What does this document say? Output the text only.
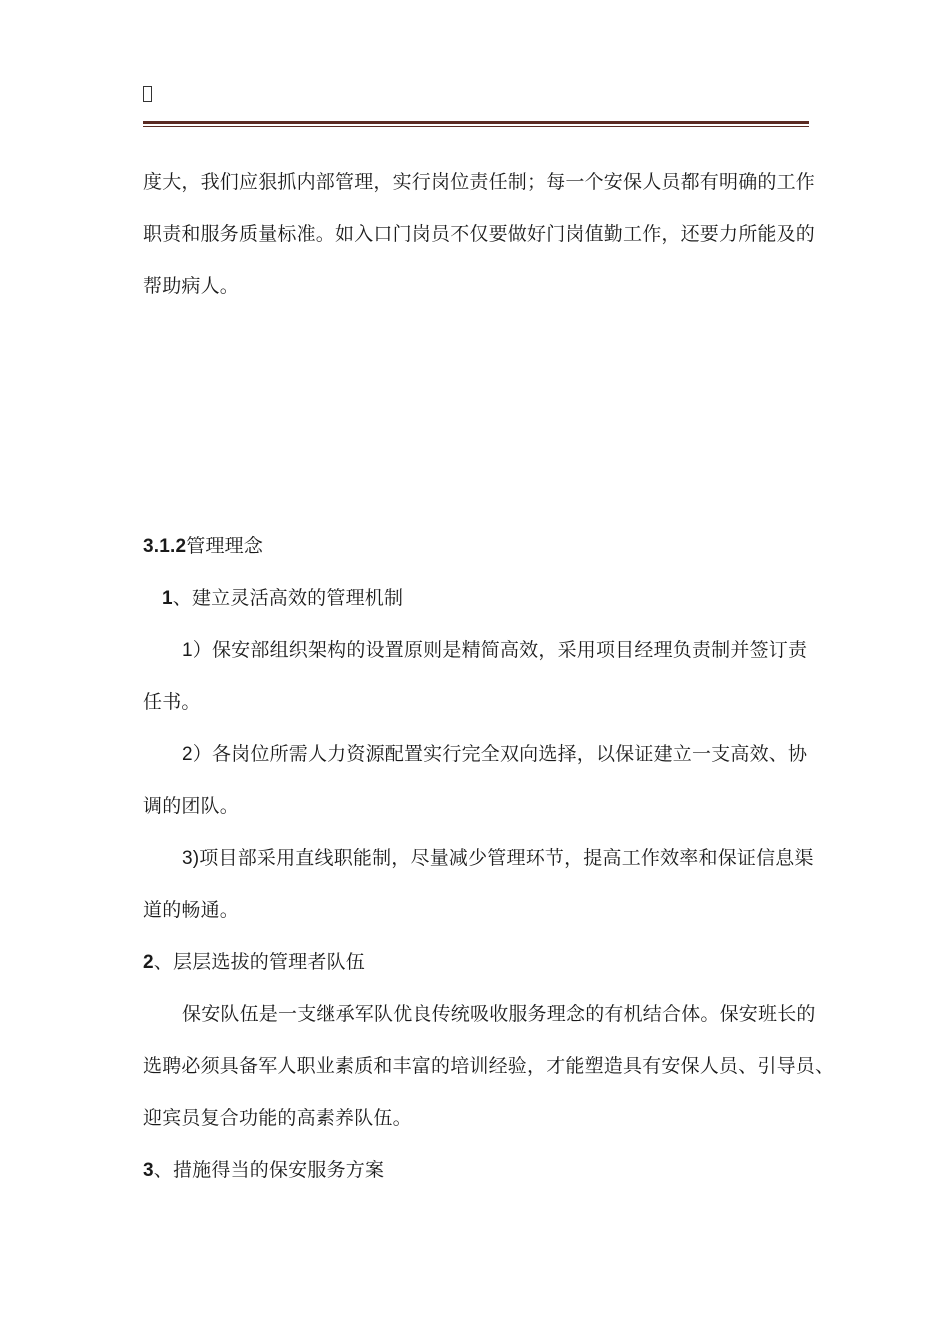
度大，我们应狠抓内部管理，实行岗位责任制；每一个安保人员都有明确的工作
职责和服务质量标准。如入口门岗员不仅要做好门岗值勤工作，还要力所能及的
帮助病人。
3.1.2管理理念
1、建立灵活高效的管理机制
1）保安部组织架构的设置原则是精简高效，采用项目经理负责制并签订责
任书。
2）各岗位所需人力资源配置实行完全双向选择，以保证建立一支高效、协
调的团队。
3)项目部采用直线职能制，尽量减少管理环节，提高工作效率和保证信息渠
道的畅通。
2、层层选拔的管理者队伍
保安队伍是一支继承军队优良传统吸收服务理念的有机结合体。保安班长的
选聘必须具备军人职业素质和丰富的培训经验，才能塑造具有安保人员、引导员、
迎宾员复合功能的高素养队伍。
3、措施得当的保安服务方案
